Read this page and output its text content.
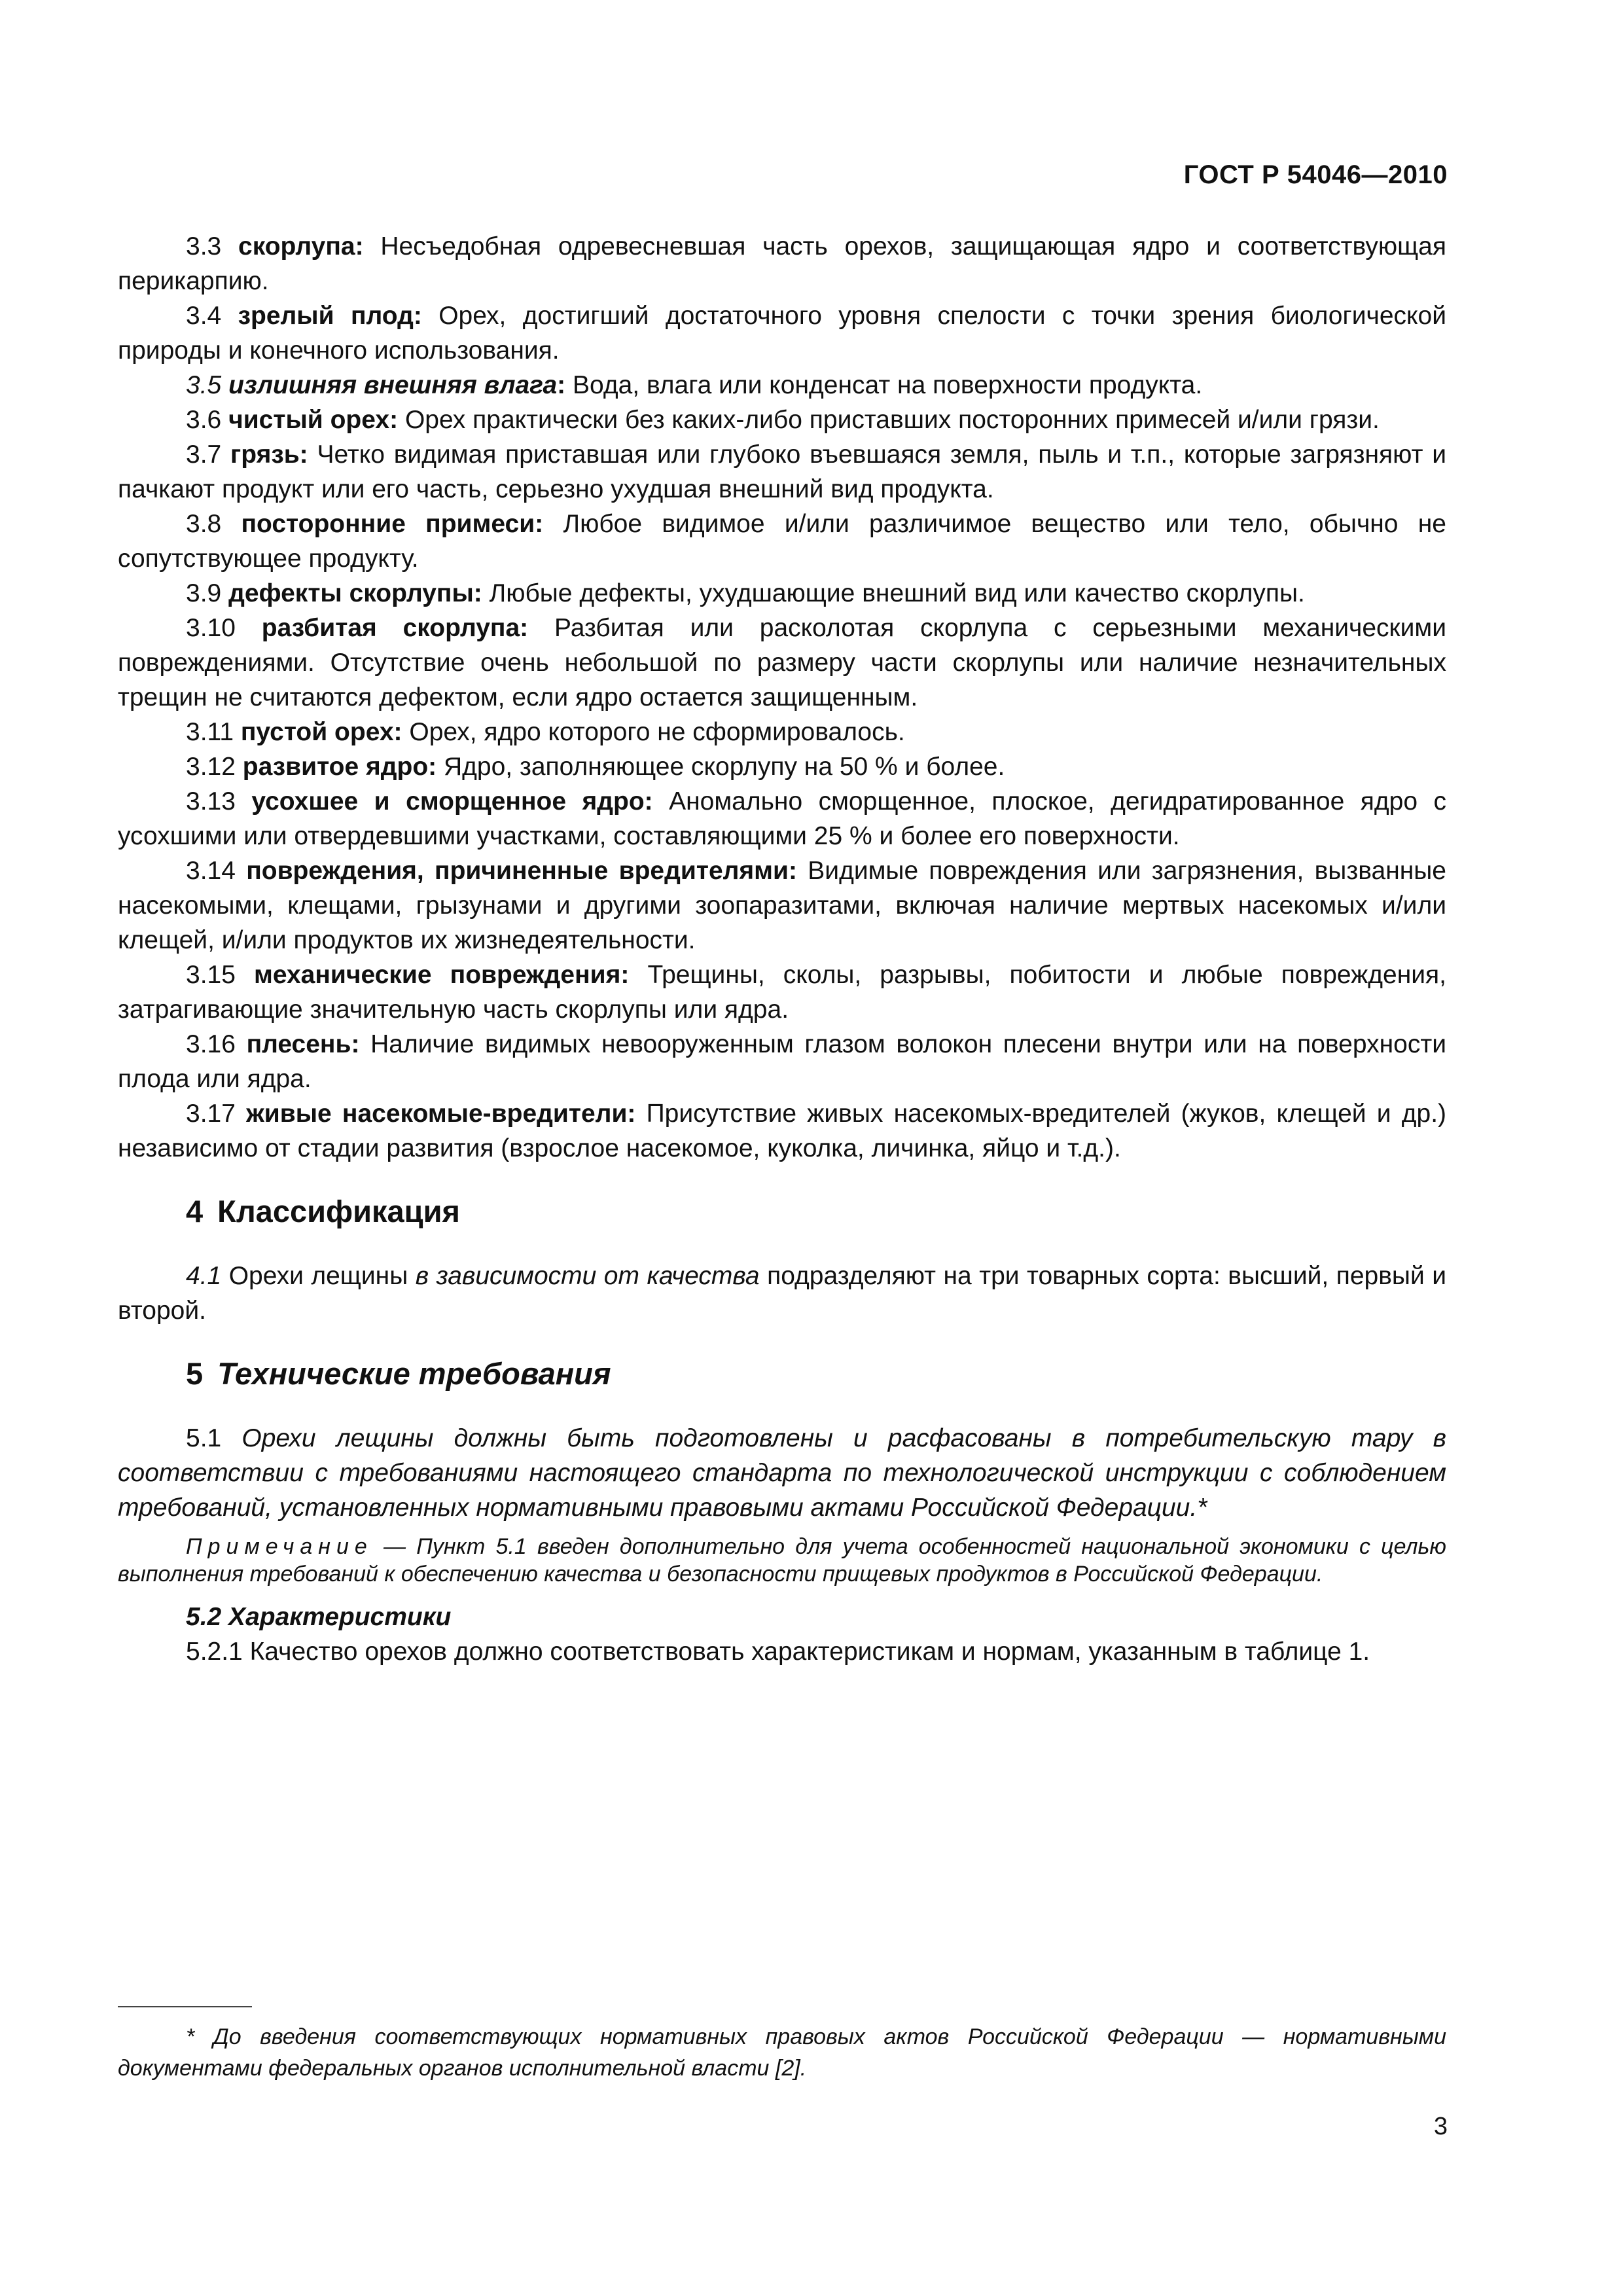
ГОСТ Р 54046—2010

3.3 скорлупа: Несъедобная одревесневшая часть орехов, защищающая ядро и соответствующая перикарпию.

3.4 зрелый плод: Орех, достигший достаточного уровня спелости с точки зрения биологической природы и конечного использования.

3.5 излишняя внешняя влага: Вода, влага или конденсат на поверхности продукта.

3.6 чистый орех: Орех практически без каких-либо приставших посторонних примесей и/или грязи.

3.7 грязь: Четко видимая приставшая или глубоко въевшаяся земля, пыль и т.п., которые загрязняют и пачкают продукт или его часть, серьезно ухудшая внешний вид продукта.

3.8 посторонние примеси: Любое видимое и/или различимое вещество или тело, обычно не сопутствующее продукту.

3.9 дефекты скорлупы: Любые дефекты, ухудшающие внешний вид или качество скорлупы.

3.10 разбитая скорлупа: Разбитая или расколотая скорлупа с серьезными механическими повреждениями. Отсутствие очень небольшой по размеру части скорлупы или наличие незначительных трещин не считаются дефектом, если ядро остается защищенным.

3.11 пустой орех: Орех, ядро которого не сформировалось.

3.12 развитое ядро: Ядро, заполняющее скорлупу на 50 % и более.

3.13 усохшее и сморщенное ядро: Аномально сморщенное, плоское, дегидратированное ядро с усохшими или отвердевшими участками, составляющими 25 % и более его поверхности.

3.14 повреждения, причиненные вредителями: Видимые повреждения или загрязнения, вызванные насекомыми, клещами, грызунами и другими зоопаразитами, включая наличие мертвых насекомых и/или клещей, и/или продуктов их жизнедеятельности.

3.15 механические повреждения: Трещины, сколы, разрывы, побитости и любые повреждения, затрагивающие значительную часть скорлупы или ядра.

3.16 плесень: Наличие видимых невооруженным глазом волокон плесени внутри или на поверхности плода или ядра.

3.17 живые насекомые-вредители: Присутствие живых насекомых-вредителей (жуков, клещей и др.) независимо от стадии развития (взрослое насекомое, куколка, личинка, яйцо и т.д.).

4 Классификация

4.1 Орехи лещины в зависимости от качества подразделяют на три товарных сорта: высший, первый и второй.

5 Технические требования

5.1 Орехи лещины должны быть подготовлены и расфасованы в потребительскую тару в соответствии с требованиями настоящего стандарта по технологической инструкции с соблюдением требований, установленных нормативными правовыми актами Российской Федерации.*

Примечание — Пункт 5.1 введен дополнительно для учета особенностей национальной экономики с целью выполнения требований к обеспечению качества и безопасности прищевых продуктов в Российской Федерации.

5.2 Характеристики

5.2.1 Качество орехов должно соответствовать характеристикам и нормам, указанным в таблице 1.

* До введения соответствующих нормативных правовых актов Российской Федерации — нормативными документами федеральных органов исполнительной власти [2].

3
